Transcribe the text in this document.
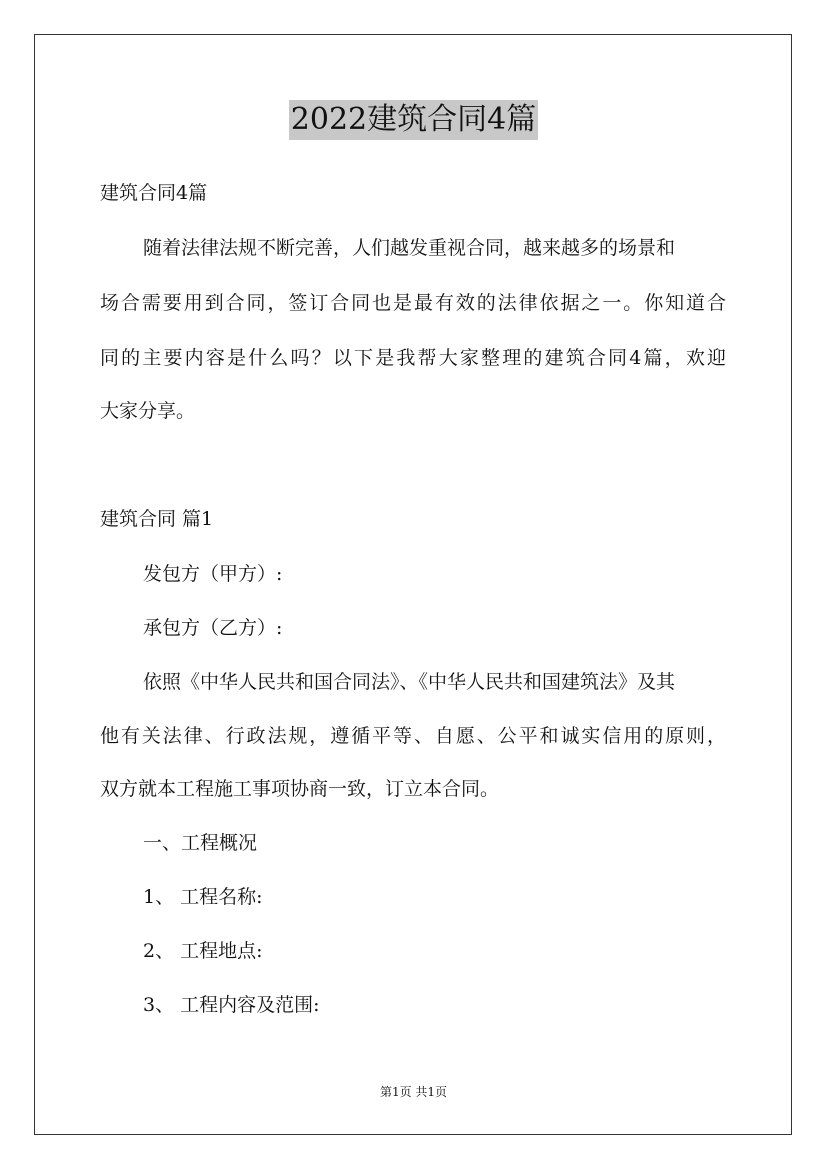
2022建筑合同4篇
建筑合同4篇
随着法律法规不断完善，人们越发重视合同，越来越多的场景和
场合需要用到合同，签订合同也是最有效的法律依据之一。你知道合
同的主要内容是什么吗？以下是我帮大家整理的建筑合同4篇，欢迎
大家分享。
建筑合同 篇1
发包方（甲方）:
承包方（乙方）:
依照《中华人民共和国合同法》、《中华人民共和国建筑法》及其
他有关法律、行政法规，遵循平等、自愿、公平和诚实信用的原则，
双方就本工程施工事项协商一致，订立本合同。
一、工程概况
1、 工程名称:
2、 工程地点:
3、 工程内容及范围:
第1页 共1页
